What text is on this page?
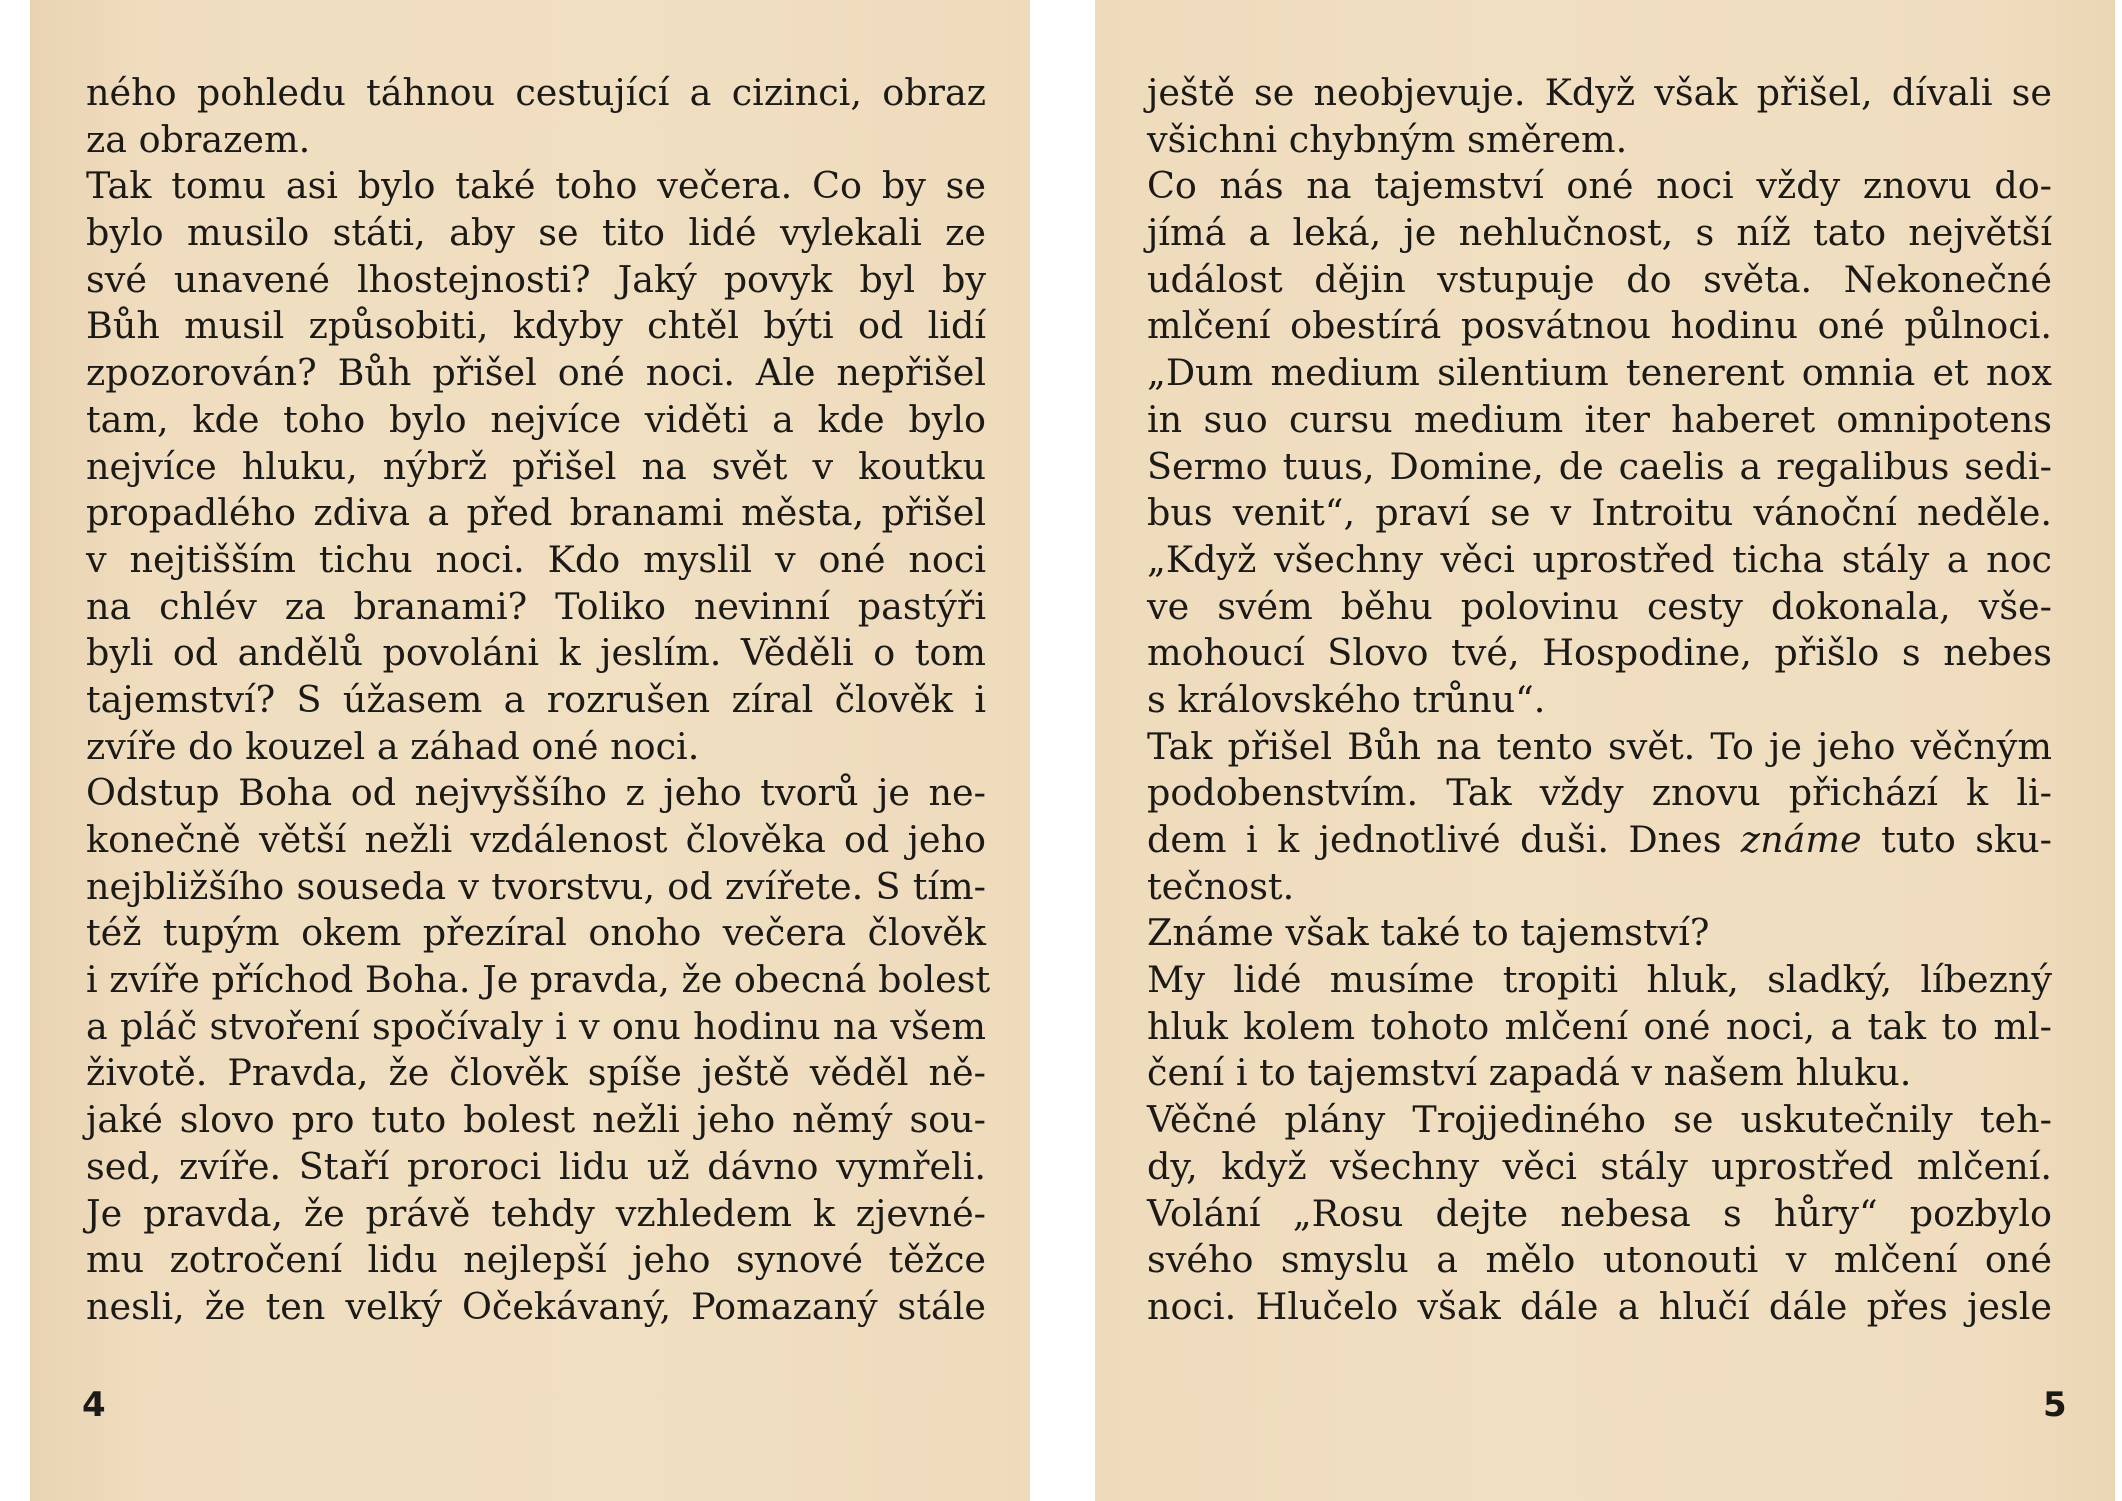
ného pohledu táhnou cestující a cizinci, obraz
za obrazem.
Tak tomu asi bylo také toho večera. Co by se
bylo musilo státi, aby se tito lidé vylekali ze
své unavené lhostejnosti? Jaký povyk byl by
Bůh musil způsobiti, kdyby chtěl býti od lidí
zpozorován? Bůh přišel oné noci. Ale nepřišel
tam, kde toho bylo nejvíce viděti a kde bylo
nejvíce hluku, nýbrž přišel na svět v koutku
propadlého zdiva a před branami města, přišel
v nejtišším tichu noci. Kdo myslil v oné noci
na chlév za branami? Toliko nevinní pastýři
byli od andělů povoláni k jeslím. Věděli o tom
tajemství? S úžasem a rozrušen zíral člověk i
zvíře do kouzel a záhad oné noci.
Odstup Boha od nejvyššího z jeho tvorů je ne-
konečně větší nežli vzdálenost člověka od jeho
nejbližšího souseda v tvorstvu, od zvířete. S tím-
též tupým okem přezíral onoho večera člověk
i zvíře příchod Boha. Je pravda, že obecná bolest
a pláč stvoření spočívaly i v onu hodinu na všem
životě. Pravda, že člověk spíše ještě věděl ně-
jaké slovo pro tuto bolest nežli jeho němý sou-
sed, zvíře. Staří proroci lidu už dávno vymřeli.
Je pravda, že právě tehdy vzhledem k zjevné-
mu zotročení lidu nejlepší jeho synové těžce
nesli, že ten velký Očekávaný, Pomazaný stále
4
ještě se neobjevuje. Když však přišel, dívali se
všichni chybným směrem.
Co nás na tajemství oné noci vždy znovu do-
jímá a leká, je nehlučnost, s níž tato největší
událost dějin vstupuje do světa. Nekonečné
mlčení obestírá posvátnou hodinu oné půlnoci.
„Dum medium silentium tenerent omnia et nox
in suo cursu medium iter haberet omnipotens
Sermo tuus, Domine, de caelis a regalibus sedi-
bus venit“, praví se v Introitu vánoční neděle.
„Když všechny věci uprostřed ticha stály a noc
ve svém běhu polovinu cesty dokonala, vše-
mohoucí Slovo tvé, Hospodine, přišlo s nebes
s královského trůnu“.
Tak přišel Bůh na tento svět. To je jeho věčným
podobenstvím. Tak vždy znovu přichází k li-
dem i k jednotlivé duši. Dnes známe tuto sku-
tečnost.
Známe však také to tajemství?
My lidé musíme tropiti hluk, sladký, líbezný
hluk kolem tohoto mlčení oné noci, a tak to ml-
čení i to tajemství zapadá v našem hluku.
Věčné plány Trojjediného se uskutečnily teh-
dy, když všechny věci stály uprostřed mlčení.
Volání „Rosu dejte nebesa s hůry“ pozbylo
svého smyslu a mělo utonouti v mlčení oné
noci. Hlučelo však dále a hlučí dále přes jesle
5
